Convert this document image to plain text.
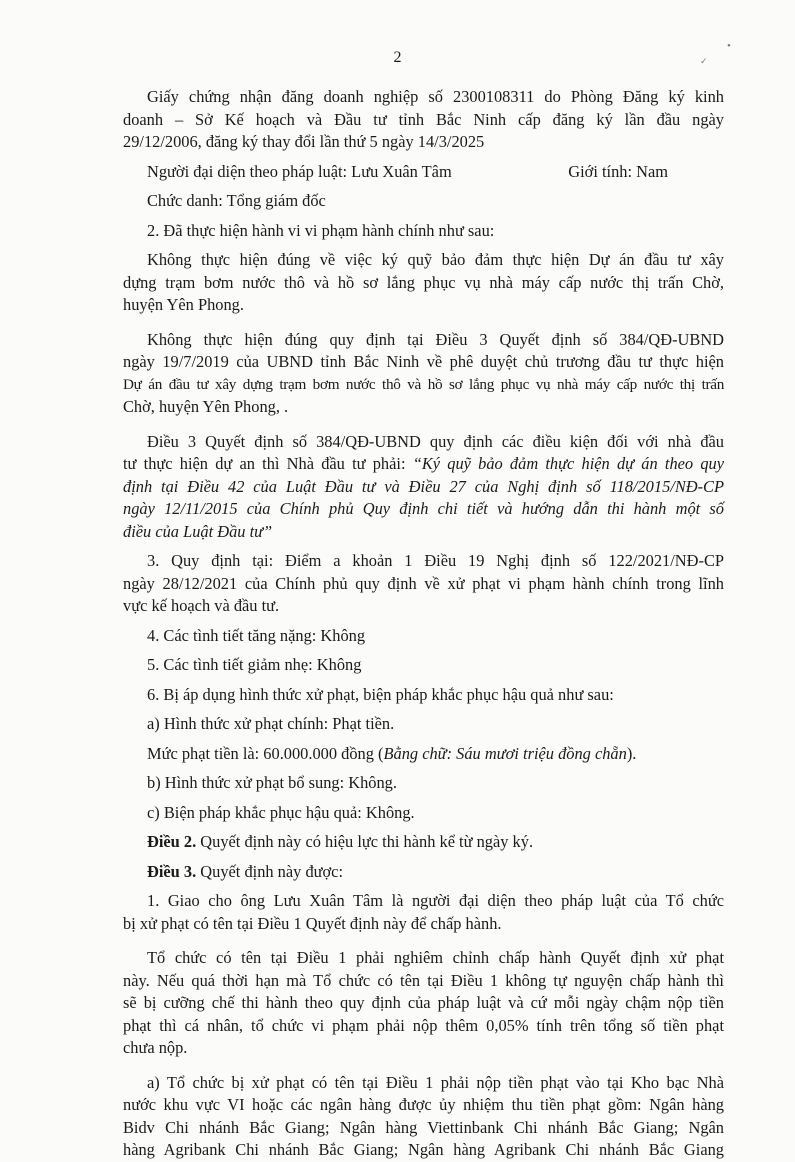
2
•
✓

Giấy chứng nhận đăng doanh nghiệp số 2300108311 do Phòng Đăng ký kinh

doanh – Sở Kế hoạch và Đầu tư tỉnh Bắc Ninh cấp đăng ký lần đầu ngày

29/12/2006, đăng ký thay đổi lần thứ 5 ngày 14/3/2025

Người đại diện theo pháp luật: Lưu Xuân Tâm	Giới tính: Nam

Chức danh: Tổng giám đốc

2. Đã thực hiện hành vi vi phạm hành chính như sau:

Không thực hiện đúng về việc ký quỹ bảo đảm thực hiện Dự án đầu tư xây

dựng trạm bơm nước thô và hồ sơ lắng phục vụ nhà máy cấp nước thị trấn Chờ,

huyện Yên Phong.

Không thực hiện đúng quy định tại Điều 3 Quyết định số 384/QĐ-UBND

ngày 19/7/2019 của UBND tỉnh Bắc Ninh về phê duyệt chủ trương đầu tư thực hiện

Dự án đầu tư xây dựng trạm bơm nước thô và hồ sơ lắng phục vụ nhà máy cấp nước thị trấn

Chờ, huyện Yên Phong, .

Điều 3 Quyết định số 384/QĐ-UBND quy định các điều kiện đối với nhà đầu

tư thực hiện dự an thì Nhà đầu tư phải: “Ký quỹ bảo đảm thực hiện dự án theo quy

định tại Điều 42 của Luật Đầu tư và Điều 27 của Nghị định số 118/2015/NĐ-CP

ngày 12/11/2015 của Chính phủ Quy định chi tiết và hướng dẫn thi hành một số

điều của Luật Đầu tư”

3. Quy định tại: Điểm a khoản 1 Điều 19 Nghị định số 122/2021/NĐ-CP

ngày 28/12/2021 của Chính phủ quy định về xử phạt vi phạm hành chính trong lĩnh

vực kế hoạch và đầu tư.

4. Các tình tiết tăng nặng: Không

5. Các tình tiết giảm nhẹ: Không

6. Bị áp dụng hình thức xử phạt, biện pháp khắc phục hậu quả như sau:

a) Hình thức xử phạt chính: Phạt tiền.

Mức phạt tiền là: 60.000.000 đồng (Bằng chữ: Sáu mươi triệu đồng chẵn).

b) Hình thức xử phạt bổ sung: Không.

c) Biện pháp khắc phục hậu quả: Không.

Điều 2. Quyết định này có hiệu lực thi hành kể từ ngày ký.

Điều 3. Quyết định này được:

1. Giao cho ông Lưu Xuân Tâm là người đại diện theo pháp luật của Tổ chức

bị xử phạt có tên tại Điều 1 Quyết định này để chấp hành.

Tổ chức có tên tại Điều 1 phải nghiêm chỉnh chấp hành Quyết định xử phạt

này. Nếu quá thời hạn mà Tổ chức có tên tại Điều 1 không tự nguyện chấp hành thì

sẽ bị cưỡng chế thi hành theo quy định của pháp luật và cứ mỗi ngày chậm nộp tiền

phạt thì cá nhân, tổ chức vi phạm phải nộp thêm 0,05% tính trên tổng số tiền phạt

chưa nộp.

a) Tổ chức bị xử phạt có tên tại Điều 1 phải nộp tiền phạt vào tại Kho bạc Nhà

nước khu vực VI hoặc các ngân hàng được ủy nhiệm thu tiền phạt gồm: Ngân hàng

Bidv Chi nhánh Bắc Giang; Ngân hàng Viettinbank Chi nhánh Bắc Giang; Ngân

hàng Agribank Chi nhánh Bắc Giang; Ngân hàng Agribank Chi nhánh Bắc Giang
